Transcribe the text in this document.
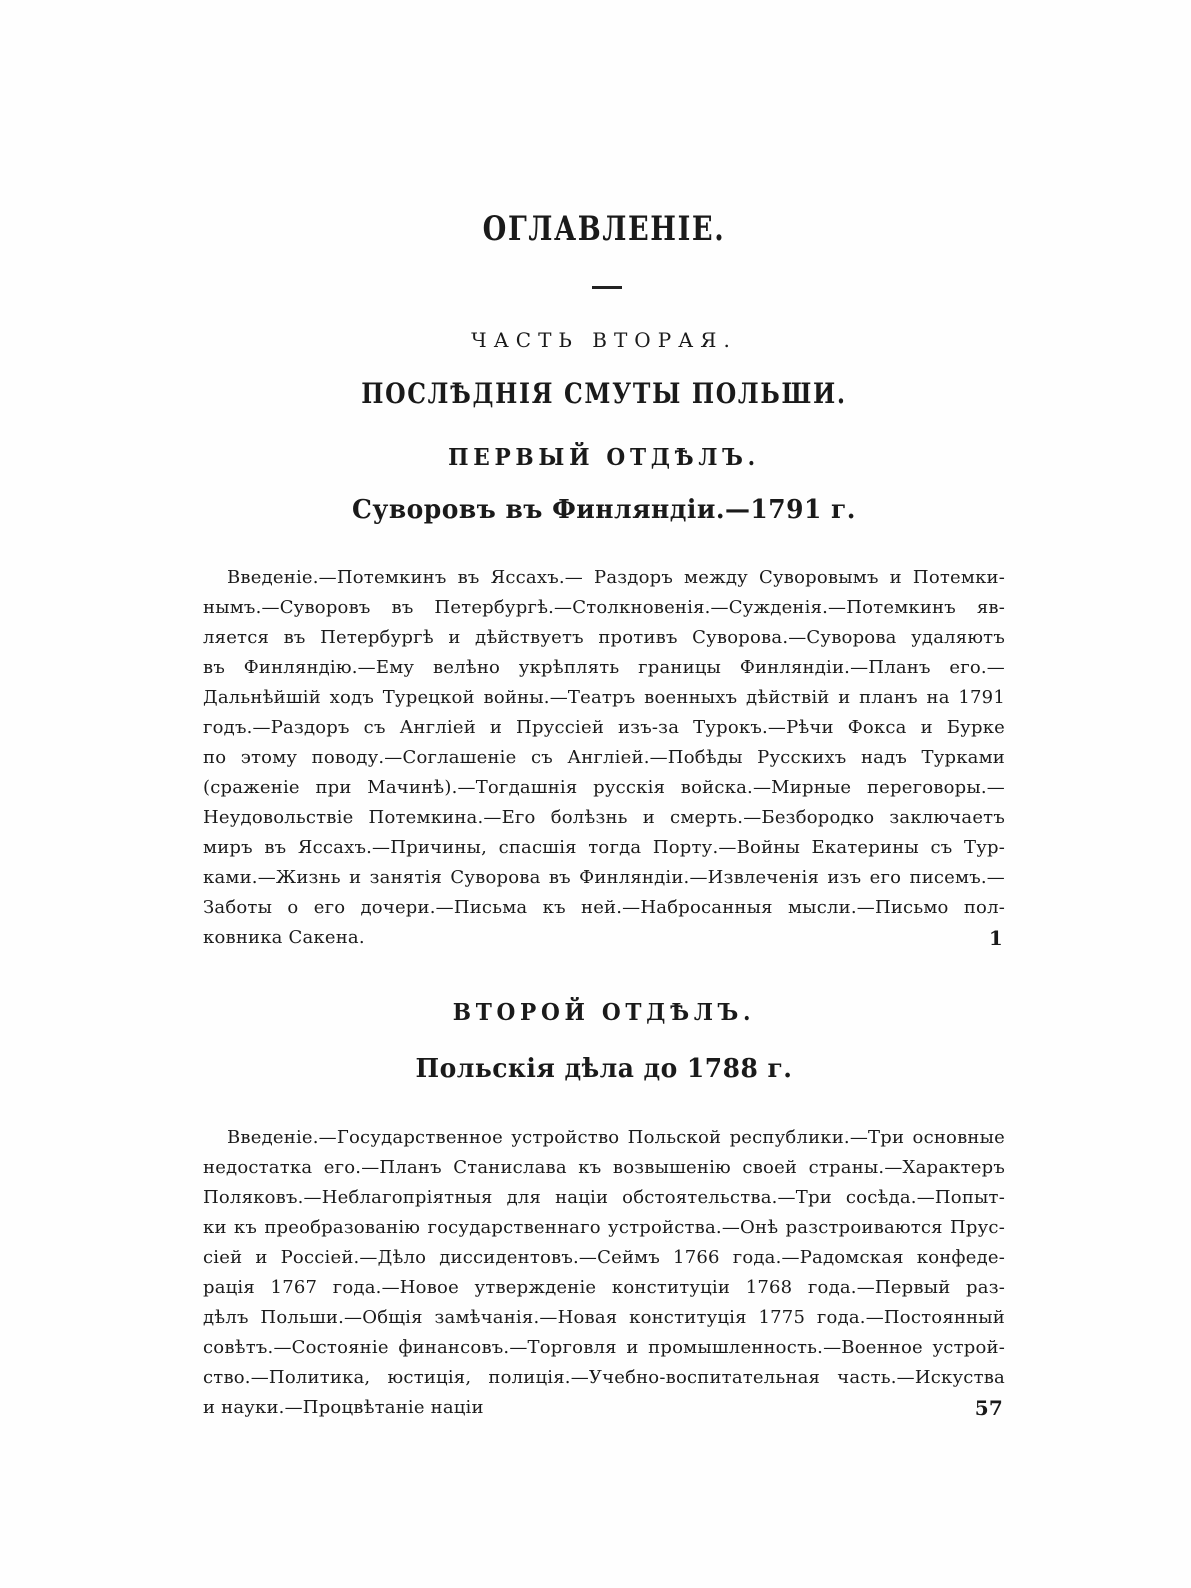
ОГЛАВЛЕНІЕ.
ЧАСТЬ ВТОРАЯ.
ПОСЛѢДНІЯ СМУТЫ ПОЛЬШИ.
ПЕРВЫЙ ОТДѢЛЪ.
Суворовъ въ Финляндіи.—1791 г.
Введеніе.—Потемкинъ въ Яссахъ.— Раздоръ между Суворовымъ и Потемки-
нымъ.—Суворовъ въ Петербургѣ.—Столкновенія.—Сужденія.—Потемкинъ яв-
ляется въ Петербургѣ и дѣйствуетъ противъ Суворова.—Суворова удаляютъ
въ Финляндію.—Ему велѣно укрѣплять границы Финляндіи.—Планъ его.—
Дальнѣйшій ходъ Турецкой войны.—Театръ военныхъ дѣйствій и планъ на 1791
годъ.—Раздоръ съ Англіей и Пруссіей изъ-за Турокъ.—Рѣчи Фокса и Бурке
по этому поводу.—Соглашеніе съ Англіей.—Побѣды Русскихъ надъ Турками
(сраженіе при Мачинѣ).—Тогдашнія русскія войска.—Мирные переговоры.—
Неудовольствіе Потемкина.—Его болѣзнь и смерть.—Безбородко заключаетъ
миръ въ Яссахъ.—Причины, спасшія тогда Порту.—Войны Екатерины съ Тур-
ками.—Жизнь и занятія Суворова въ Финляндіи.—Извлеченія изъ его писемъ.—
Заботы о его дочери.—Письма къ ней.—Набросанныя мысли.—Письмо пол-
ковника Сакена.	1
ВТОРОЙ ОТДѢЛЪ.
Польскія дѣла до 1788 г.
Введеніе.—Государственное устройство Польской республики.—Три основные
недостатка его.—Планъ Станислава къ возвышенію своей страны.—Характеръ
Поляковъ.—Неблагопріятныя для націи обстоятельства.—Три сосѣда.—Попыт-
ки къ преобразованію государственнаго устройства.—Онѣ разстроиваются Прус-
сіей и Россіей.—Дѣло диссидентовъ.—Сеймъ 1766 года.—Радомская конфеде-
рація 1767 года.—Новое утвержденіе конституціи 1768 года.—Первый раз-
дѣлъ Польши.—Общія замѣчанія.—Новая конституція 1775 года.—Постоянный
совѣтъ.—Состояніе финансовъ.—Торговля и промышленность.—Военное устрой-
ство.—Политика, юстиція, полиція.—Учебно-воспитательная часть.—Искуства
и науки.—Процвѣтаніе націи	57
